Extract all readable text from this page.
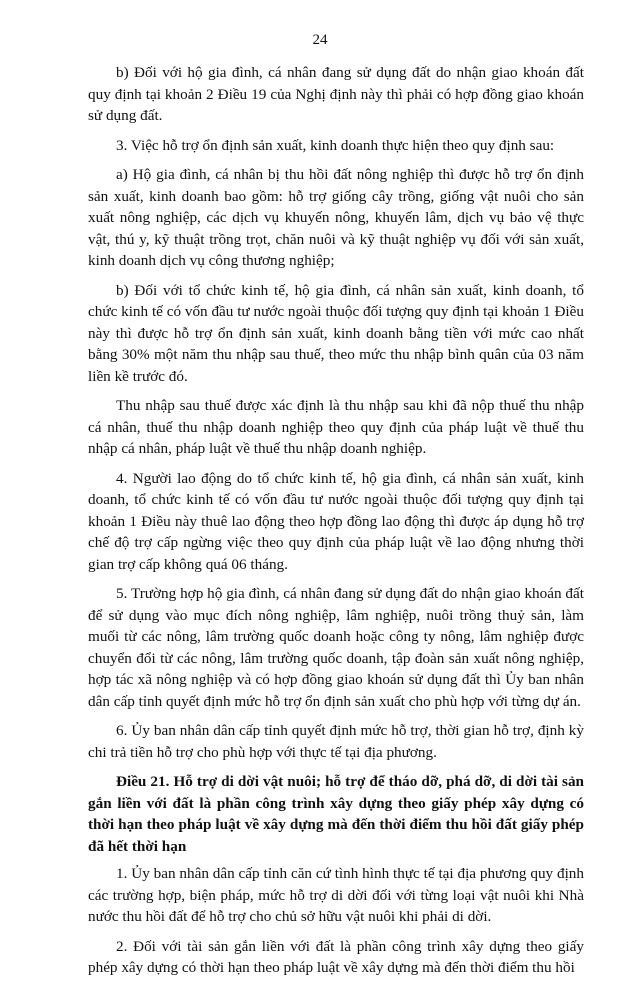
24

b) Đối với hộ gia đình, cá nhân đang sử dụng đất do nhận giao khoán đất quy định tại khoản 2 Điều 19 của Nghị định này thì phải có hợp đồng giao khoán sử dụng đất.

3. Việc hỗ trợ ổn định sản xuất, kinh doanh thực hiện theo quy định sau:

a) Hộ gia đình, cá nhân bị thu hồi đất nông nghiệp thì được hỗ trợ ổn định sản xuất, kinh doanh bao gồm: hỗ trợ giống cây trồng, giống vật nuôi cho sản xuất nông nghiệp, các dịch vụ khuyến nông, khuyến lâm, dịch vụ bảo vệ thực vật, thú y, kỹ thuật trồng trọt, chăn nuôi và kỹ thuật nghiệp vụ đối với sản xuất, kinh doanh dịch vụ công thương nghiệp;

b) Đối với tổ chức kinh tế, hộ gia đình, cá nhân sản xuất, kinh doanh, tổ chức kinh tế có vốn đầu tư nước ngoài thuộc đối tượng quy định tại khoản 1 Điều này thì được hỗ trợ ổn định sản xuất, kinh doanh bằng tiền với mức cao nhất bằng 30% một năm thu nhập sau thuế, theo mức thu nhập bình quân của 03 năm liền kề trước đó.

Thu nhập sau thuế được xác định là thu nhập sau khi đã nộp thuế thu nhập cá nhân, thuế thu nhập doanh nghiệp theo quy định của pháp luật về thuế thu nhập cá nhân, pháp luật về thuế thu nhập doanh nghiệp.

4. Người lao động do tổ chức kinh tế, hộ gia đình, cá nhân sản xuất, kinh doanh, tổ chức kinh tế có vốn đầu tư nước ngoài thuộc đối tượng quy định tại khoản 1 Điều này thuê lao động theo hợp đồng lao động thì được áp dụng hỗ trợ chế độ trợ cấp ngừng việc theo quy định của pháp luật về lao động nhưng thời gian trợ cấp không quá 06 tháng.

5. Trường hợp hộ gia đình, cá nhân đang sử dụng đất do nhận giao khoán đất để sử dụng vào mục đích nông nghiệp, lâm nghiệp, nuôi trồng thuỷ sản, làm muối từ các nông, lâm trường quốc doanh hoặc công ty nông, lâm nghiệp được chuyển đổi từ các nông, lâm trường quốc doanh, tập đoàn sản xuất nông nghiệp, hợp tác xã nông nghiệp và có hợp đồng giao khoán sử dụng đất thì Ủy ban nhân dân cấp tỉnh quyết định mức hỗ trợ ổn định sản xuất cho phù hợp với từng dự án.

6. Ủy ban nhân dân cấp tỉnh quyết định mức hỗ trợ, thời gian hỗ trợ, định kỳ chi trả tiền hỗ trợ cho phù hợp với thực tế tại địa phương.

Điều 21. Hỗ trợ di dời vật nuôi; hỗ trợ để tháo dỡ, phá dỡ, di dời tài sản gắn liền với đất là phần công trình xây dựng theo giấy phép xây dựng có thời hạn theo pháp luật về xây dựng mà đến thời điểm thu hồi đất giấy phép đã hết thời hạn

1. Ủy ban nhân dân cấp tỉnh căn cứ tình hình thực tế tại địa phương quy định các trường hợp, biện pháp, mức hỗ trợ di dời đối với từng loại vật nuôi khi Nhà nước thu hồi đất để hỗ trợ cho chủ sở hữu vật nuôi khi phải di dời.

2. Đối với tài sản gắn liền với đất là phần công trình xây dựng theo giấy phép xây dựng có thời hạn theo pháp luật về xây dựng mà đến thời điểm thu hồi
